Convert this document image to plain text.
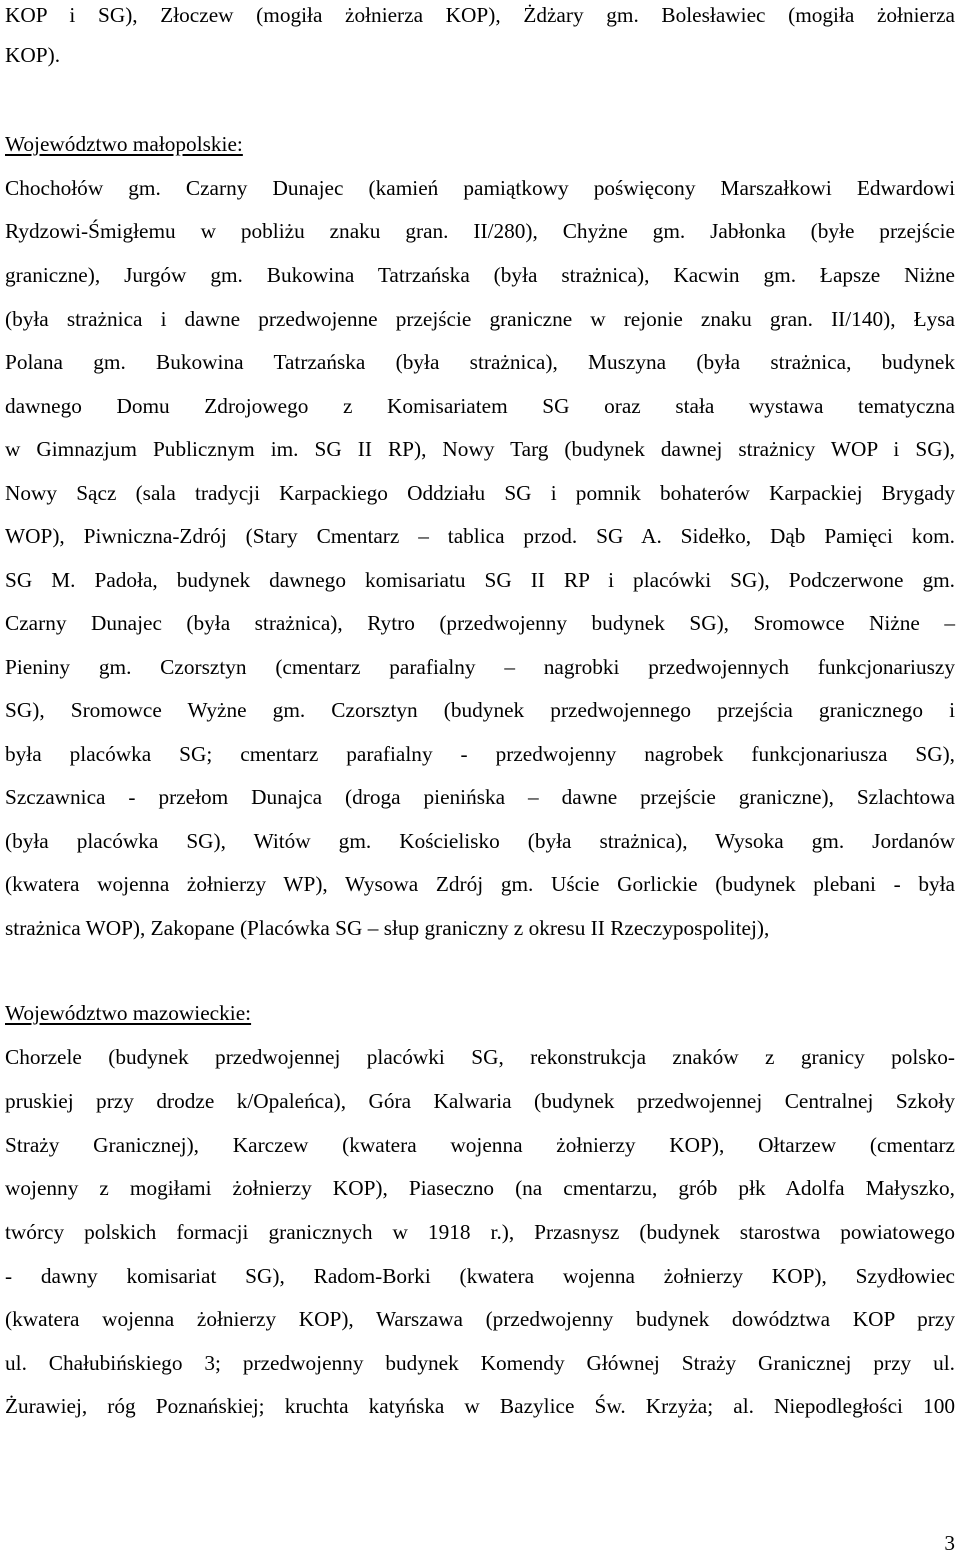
KOP i SG), Złoczew (mogiła żołnierza KOP), Żdżary gm. Bolesławiec (mogiła żołnierza
KOP).
Województwo małopolskie:
Chochołów gm. Czarny Dunajec (kamień pamiątkowy poświęcony Marszałkowi Edwardowi
Rydzowi-Śmigłemu w pobliżu znaku gran. II/280), Chyżne gm. Jabłonka (byłe przejście
graniczne), Jurgów gm. Bukowina Tatrzańska (była strażnica), Kacwin gm. Łapsze Niżne
(była strażnica i dawne przedwojenne przejście graniczne w rejonie znaku gran. II/140), Łysa
Polana gm. Bukowina Tatrzańska (była strażnica), Muszyna (była strażnica, budynek
dawnego Domu Zdrojowego z Komisariatem SG oraz stała wystawa tematyczna
w Gimnazjum Publicznym im. SG II RP), Nowy Targ (budynek dawnej strażnicy WOP i SG),
Nowy Sącz (sala tradycji Karpackiego Oddziału SG i pomnik bohaterów Karpackiej Brygady
WOP), Piwniczna-Zdrój (Stary Cmentarz – tablica przod. SG A. Sidełko, Dąb Pamięci kom.
SG M. Padoła, budynek dawnego komisariatu SG II RP i placówki SG), Podczerwone gm.
Czarny Dunajec (była strażnica), Rytro (przedwojenny budynek SG), Sromowce Niżne –
Pieniny gm. Czorsztyn (cmentarz parafialny – nagrobki przedwojennych funkcjonariuszy
SG), Sromowce Wyżne gm. Czorsztyn (budynek przedwojennego przejścia granicznego i
była placówka SG; cmentarz parafialny - przedwojenny nagrobek funkcjonariusza SG),
Szczawnica - przełom Dunajca (droga pienińska – dawne przejście graniczne), Szlachtowa
(była placówka SG), Witów gm. Kościelisko (była strażnica), Wysoka gm. Jordanów
(kwatera wojenna żołnierzy WP), Wysowa Zdrój gm. Uście Gorlickie (budynek plebani - była
strażnica WOP), Zakopane (Placówka SG – słup graniczny z okresu II Rzeczypospolitej),
Województwo mazowieckie:
Chorzele (budynek przedwojennej placówki SG, rekonstrukcja znaków z granicy polsko-
pruskiej przy drodze k/Opaleńca), Góra Kalwaria (budynek przedwojennej Centralnej Szkoły
Straży Granicznej), Karczew (kwatera wojenna żołnierzy KOP), Ołtarzew (cmentarz
wojenny z mogiłami żołnierzy KOP), Piaseczno (na cmentarzu, grób płk Adolfa Małyszko,
twórcy polskich formacji granicznych w 1918 r.), Przasnysz (budynek starostwa powiatowego
- dawny komisariat SG), Radom-Borki (kwatera wojenna żołnierzy KOP), Szydłowiec
(kwatera wojenna żołnierzy KOP), Warszawa (przedwojenny budynek dowództwa KOP przy
ul. Chałubińskiego 3; przedwojenny budynek Komendy Głównej Straży Granicznej przy ul.
Żurawiej, róg Poznańskiej; kruchta katyńska w Bazylice Św. Krzyża; al. Niepodległości 100
3
